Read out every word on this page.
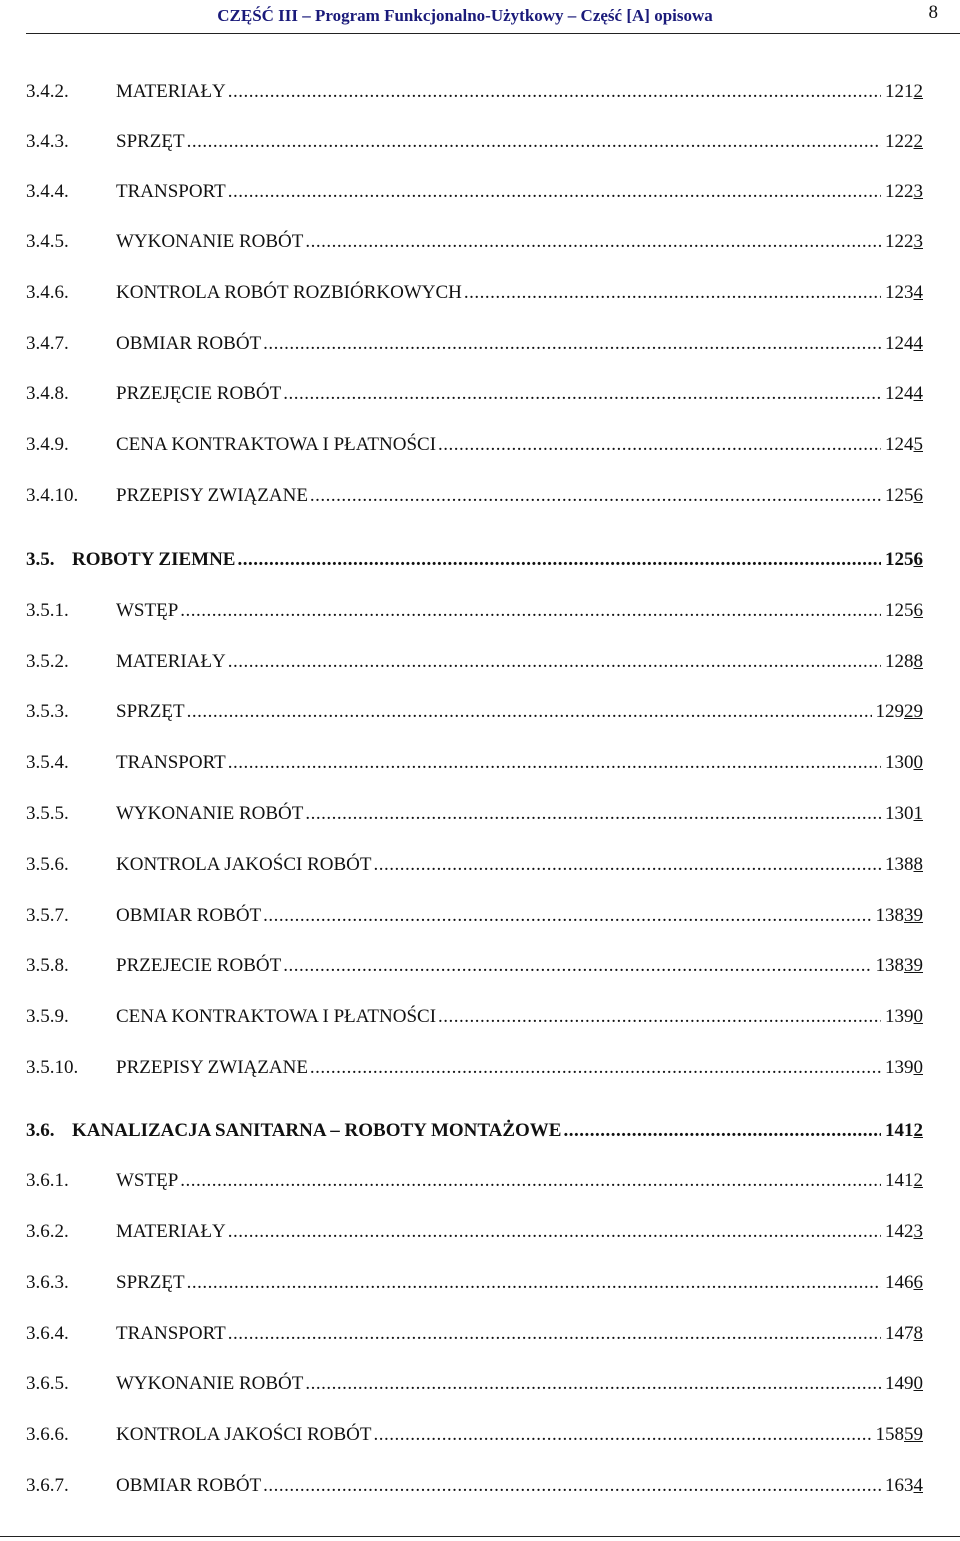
CZĘŚĆ III – Program Funkcjonalno-Użytkowy – Część [A] opisowa	8
3.4.2. MATERIAŁY .....	1212
3.4.3. SPRZĘT .....	1222
3.4.4. TRANSPORT .....	1223
3.4.5. WYKONANIE ROBÓT .....	1223
3.4.6. KONTROLA ROBÓT ROZBIÓRKOWYCH .....	1234
3.4.7. OBMIAR ROBÓT .....	1244
3.4.8. PRZEJĘCIE ROBÓT .....	1244
3.4.9. CENA KONTRAKTOWA I PŁATNOŚCI .....	1245
3.4.10. PRZEPISY ZWIĄZANE .....	1256
3.5. ROBOTY ZIEMNE .....	1256
3.5.1. WSTĘP .....	1256
3.5.2. MATERIAŁY .....	1288
3.5.3. SPRZĘT .....	12929
3.5.4. TRANSPORT .....	1300
3.5.5. WYKONANIE ROBÓT .....	1301
3.5.6. KONTROLA JAKOŚCI ROBÓT .....	1388
3.5.7. OBMIAR ROBÓT .....	13839
3.5.8. PRZEJECIE ROBÓT .....	13839
3.5.9. CENA KONTRAKTOWA I PŁATNOŚCI .....	1390
3.5.10. PRZEPISY ZWIĄZANE .....	1390
3.6. KANALIZACJA SANITARNA – ROBOTY MONTAŻOWE .....	1412
3.6.1. WSTĘP .....	1412
3.6.2. MATERIAŁY .....	1423
3.6.3. SPRZĘT .....	1466
3.6.4. TRANSPORT .....	1478
3.6.5. WYKONANIE ROBÓT .....	1490
3.6.6. KONTROLA JAKOŚCI ROBÓT .....	15859
3.6.7. OBMIAR ROBÓT .....	1634
